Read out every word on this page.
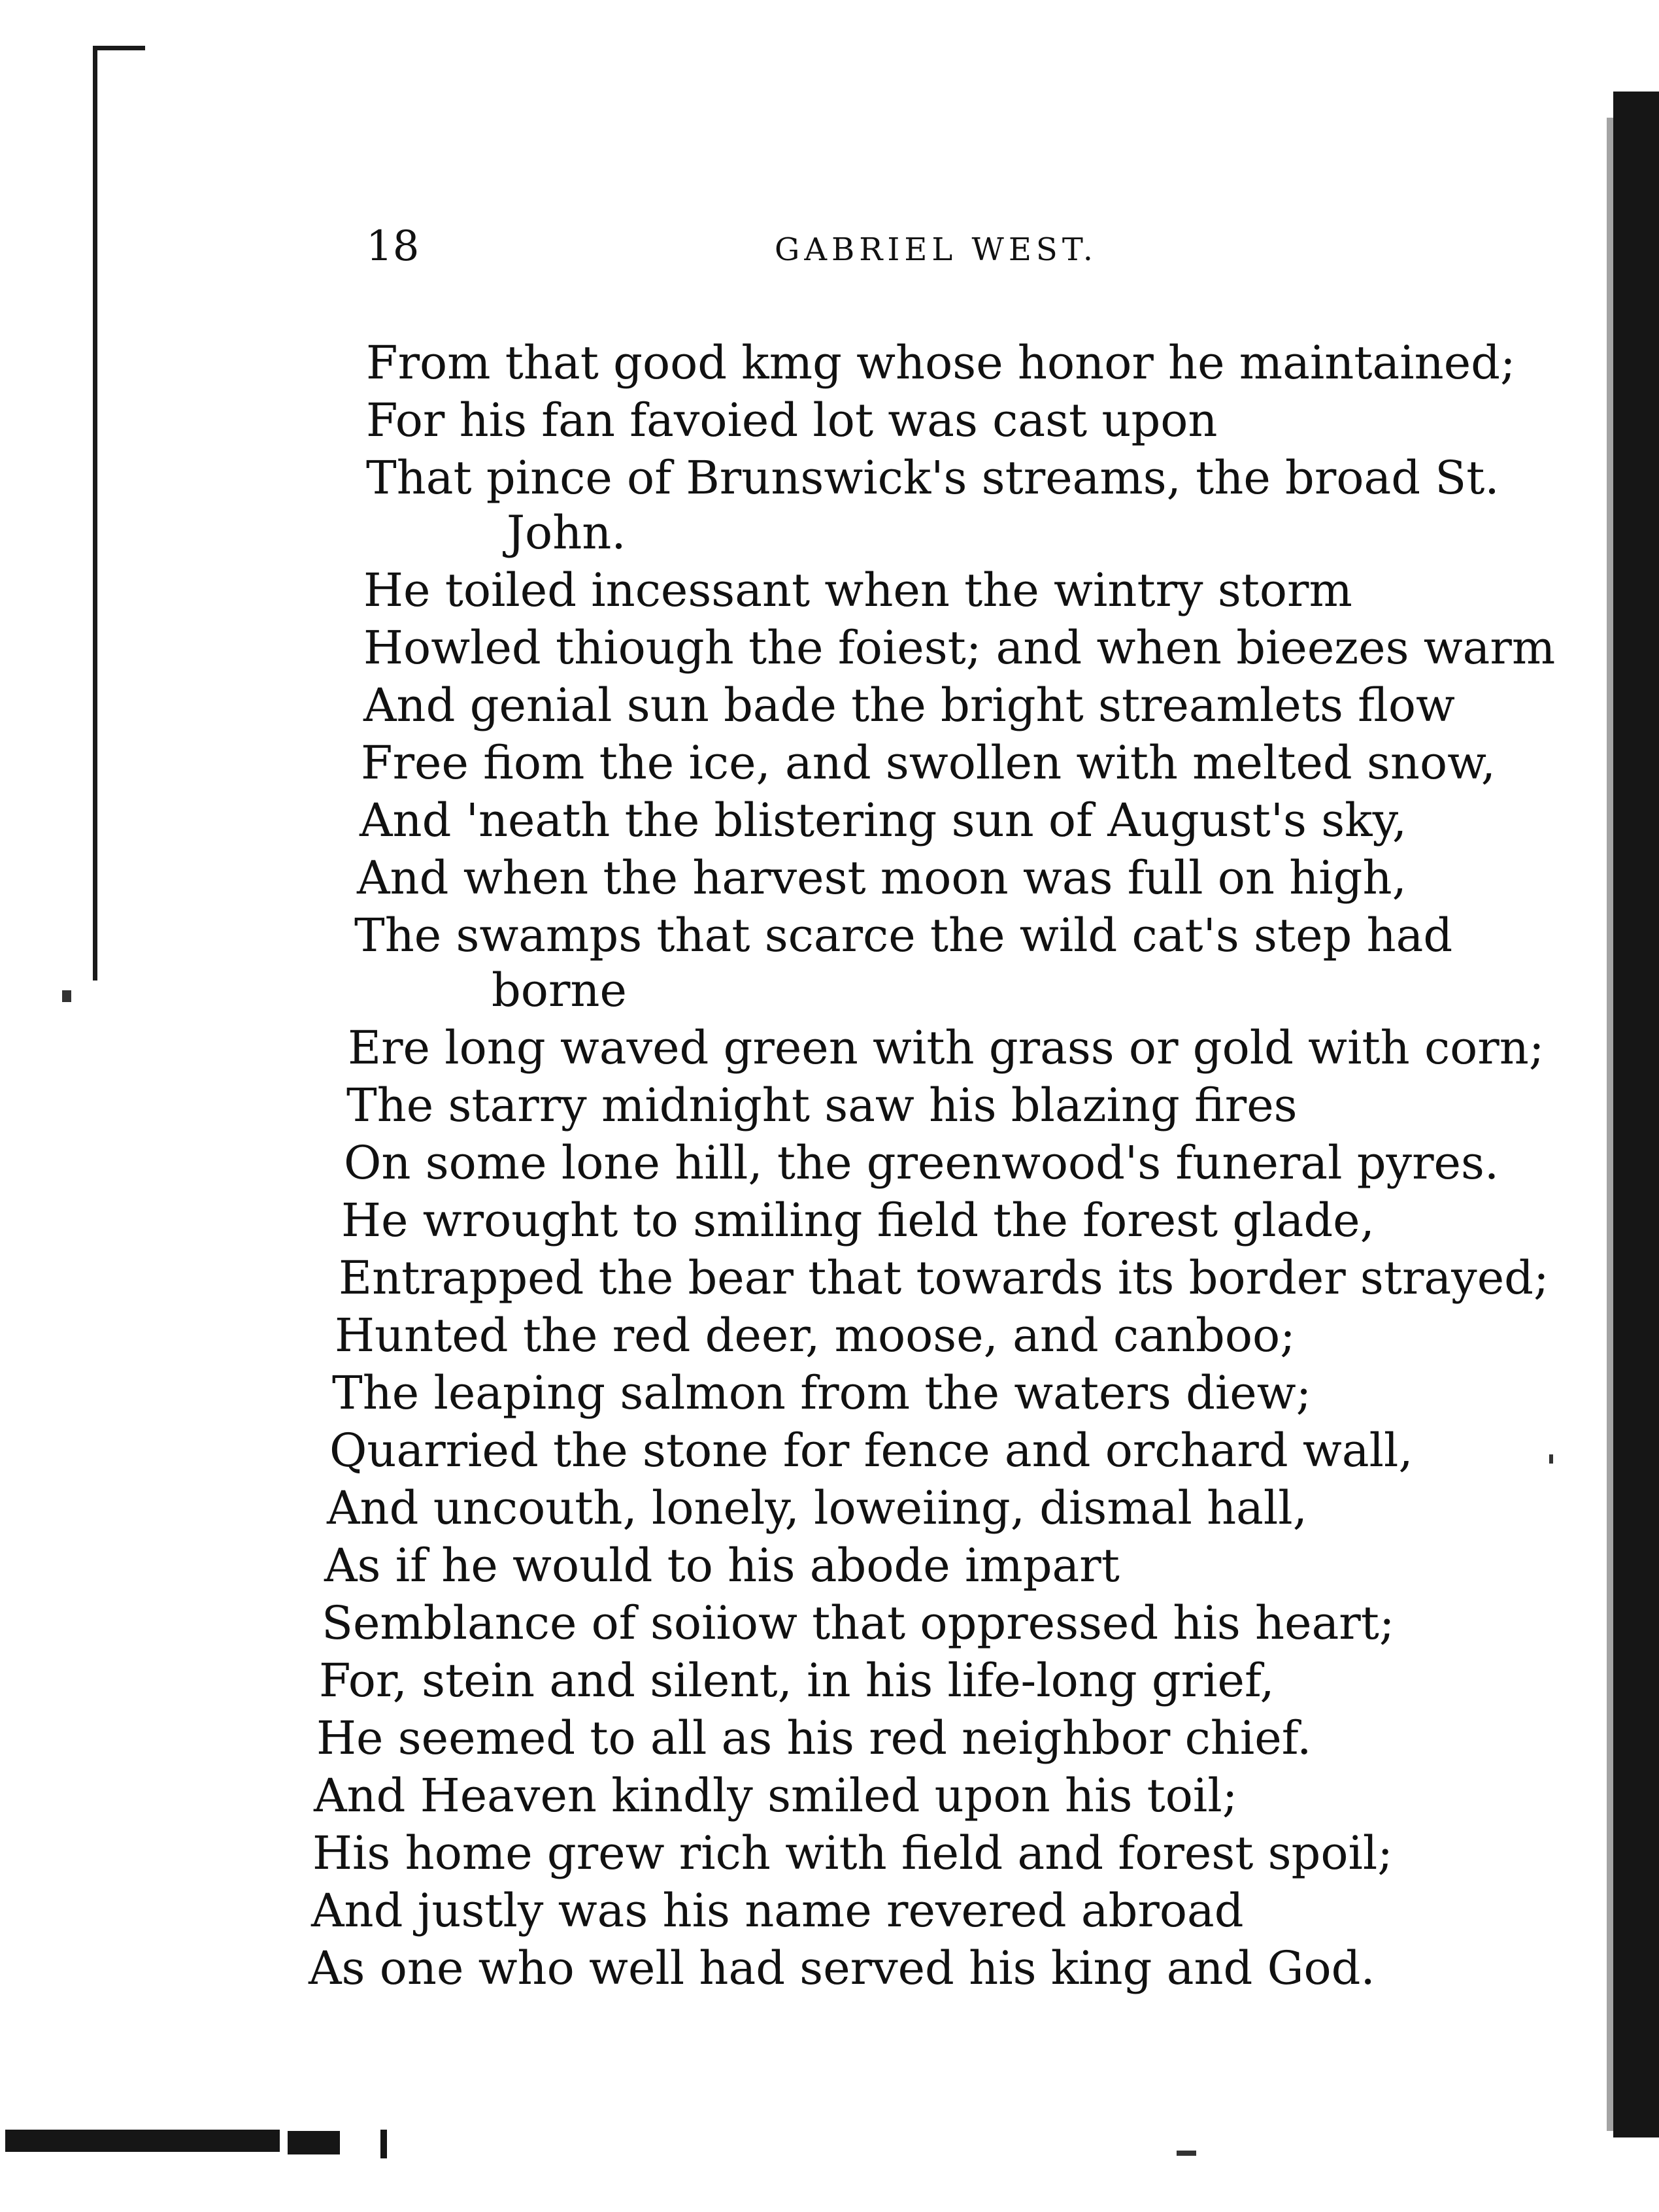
18	GABRIEL WEST.
From that good kmg whose honor he maintained;
For his fan favoied lot was cast upon
That pince of Brunswick's streams, the broad St.
John.
He toiled incessant when the wintry storm
Howled thiough the foiest; and when bieezes warm
And genial sun bade the bright streamlets flow
Free fiom the ice, and swollen with melted snow,
And 'neath the blistering sun of August's sky,
And when the harvest moon was full on high,
The swamps that scarce the wild cat's step had
borne
Ere long waved green with grass or gold with corn;
The starry midnight saw his blazing fires
On some lone hill, the greenwood's funeral pyres.
He wrought to smiling field the forest glade,
Entrapped the bear that towards its border strayed;
Hunted the red deer, moose, and canboo;
The leaping salmon from the waters diew;
Quarried the stone for fence and orchard wall,
And uncouth, lonely, loweiing, dismal hall,
As if he would to his abode impart
Semblance of soiiow that oppressed his heart;
For, stein and silent, in his life-long grief,
He seemed to all as his red neighbor chief.
And Heaven kindly smiled upon his toil;
His home grew rich with field and forest spoil;
And justly was his name revered abroad
As one who well had served his king and God.
